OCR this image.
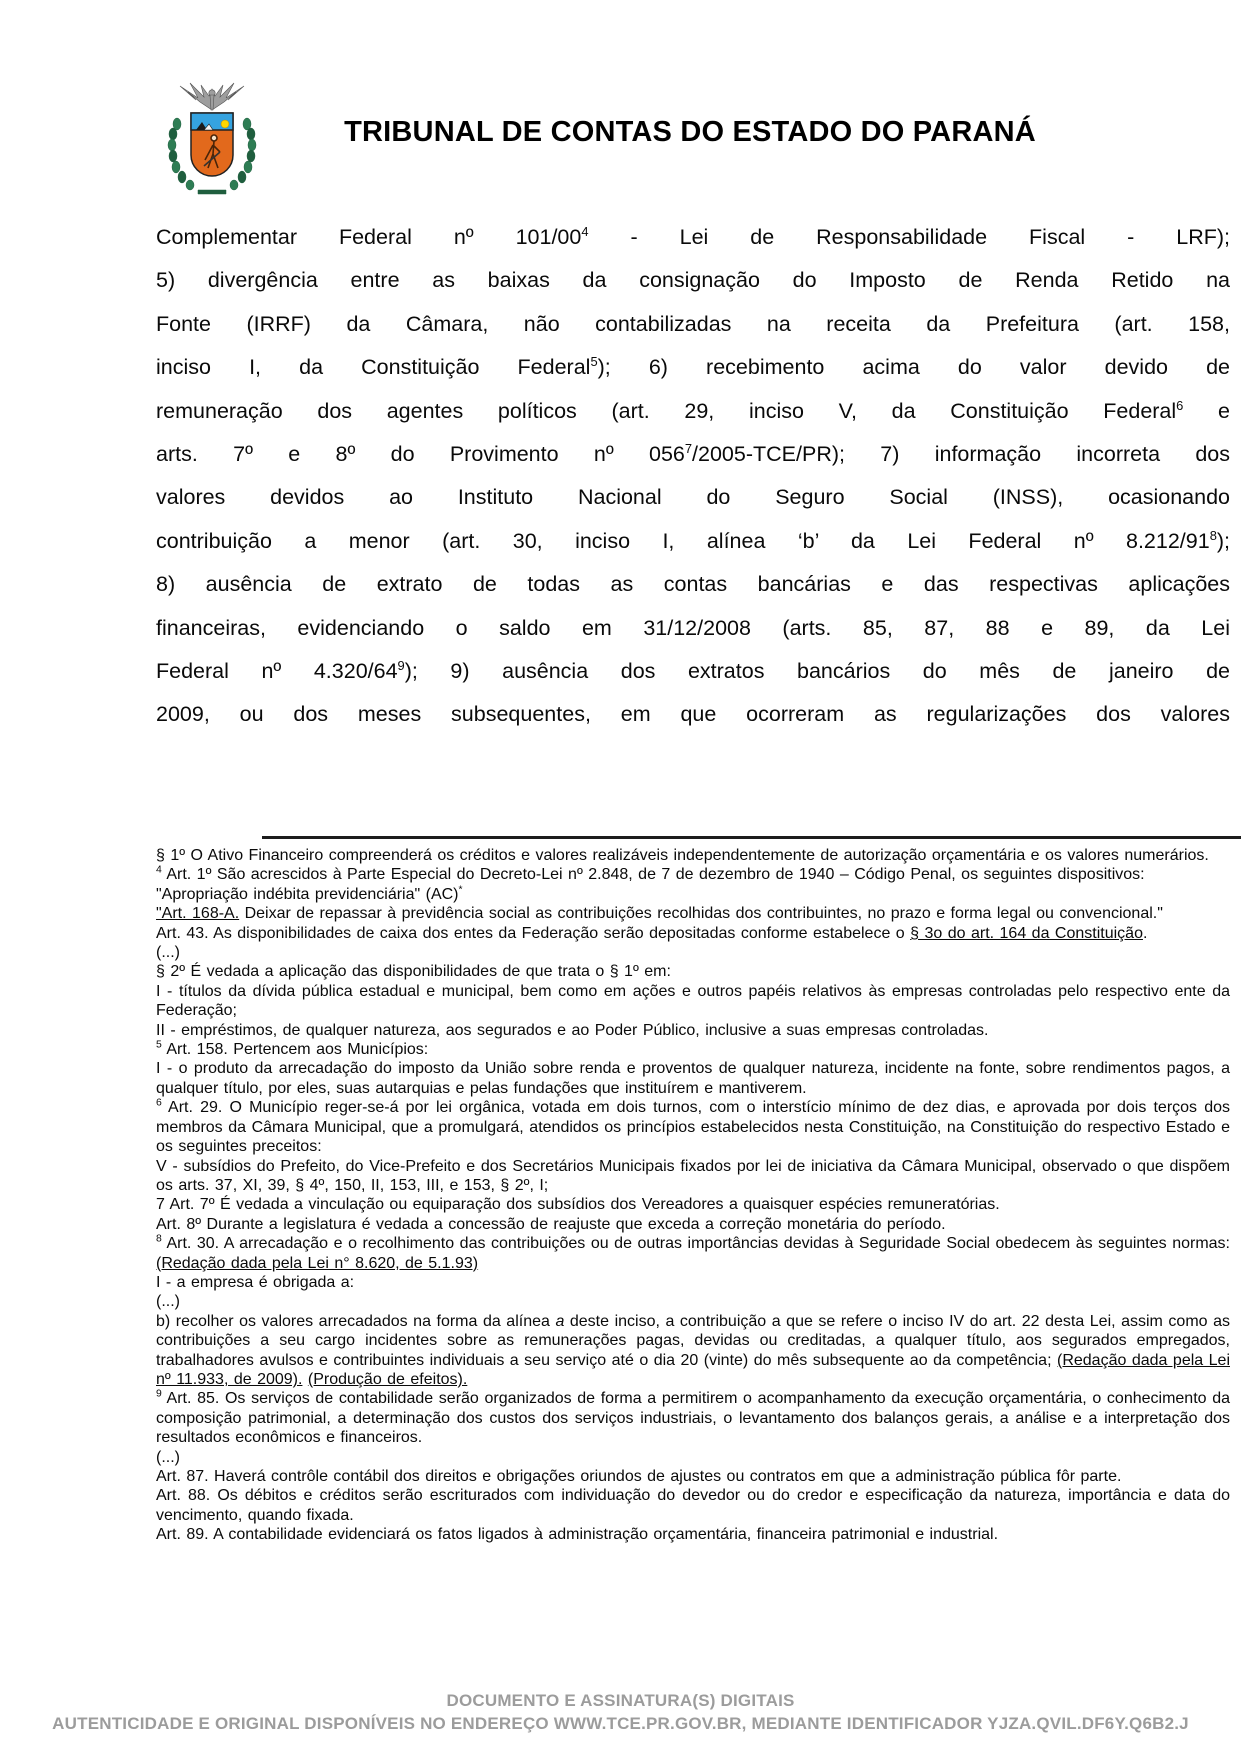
TRIBUNAL DE CONTAS DO ESTADO DO PARANÁ
Complementar Federal nº $101/00^4$ - Lei de Responsabilidade Fiscal - LRF);
5) divergência entre as baixas da consignação do Imposto de Renda Retido na
Fonte (IRRF) da Câmara, não contabilizadas na receita da Prefeitura (art. 158,
inciso I, da Constituição Federal$^5$); 6) recebimento acima do valor devido de
remuneração dos agentes políticos (art. 29, inciso V, da Constituição Federal$^6$ e
arts. 7º e 8º do Provimento nº $056^7/2005-TCE/PR$); 7) informação incorreta dos
valores devidos ao Instituto Nacional do Seguro Social (INSS), ocasionando
contribuição a menor (art. 30, inciso I, alínea ‘b’ da Lei Federal nº $8.212/91^8$);
8) ausência de extrato de todas as contas bancárias e das respectivas aplicações
financeiras, evidenciando o saldo em 31/12/2008 (arts. 85, 87, 88 e 89, da Lei
Federal nº $4.320/64^9$); 9) ausência dos extratos bancários do mês de janeiro de
2009, ou dos meses subsequentes, em que ocorreram as regularizações dos valores
§ 1º O Ativo Financeiro compreenderá os créditos e valores realizáveis independentemente de autorização orçamentária e os valores numerários.
$^4$ Art. 1º São acrescidos à Parte Especial do Decreto-Lei nº 2.848, de 7 de dezembro de 1940 – Código Penal, os seguintes dispositivos:
"Apropriação indébita previdenciária" (AC)*
"Art. 168-A. Deixar de repassar à previdência social as contribuições recolhidas dos contribuintes, no prazo e forma legal ou convencional."
Art. 43. As disponibilidades de caixa dos entes da Federação serão depositadas conforme estabelece o § 3o do art. 164 da Constituição.
(...)
§ 2º É vedada a aplicação das disponibilidades de que trata o § 1º em:
I - títulos da dívida pública estadual e municipal, bem como em ações e outros papéis relativos às empresas controladas pelo respectivo ente da Federação;
II - empréstimos, de qualquer natureza, aos segurados e ao Poder Público, inclusive a suas empresas controladas.
$^5$ Art. 158. Pertencem aos Municípios:
I - o produto da arrecadação do imposto da União sobre renda e proventos de qualquer natureza, incidente na fonte, sobre rendimentos pagos, a qualquer título, por eles, suas autarquias e pelas fundações que instituírem e mantiverem.
$^6$ Art. 29. O Município reger-se-á por lei orgânica, votada em dois turnos, com o interstício mínimo de dez dias, e aprovada por dois terços dos membros da Câmara Municipal, que a promulgará, atendidos os princípios estabelecidos nesta Constituição, na Constituição do respectivo Estado e os seguintes preceitos:
V - subsídios do Prefeito, do Vice-Prefeito e dos Secretários Municipais fixados por lei de iniciativa da Câmara Municipal, observado o que dispõem os arts. 37, XI, 39, § 4º, 150, II, 153, III, e 153, § 2º, I;
7 Art. 7º É vedada a vinculação ou equiparação dos subsídios dos Vereadores a quaisquer espécies remuneratórias.
Art. 8º Durante a legislatura é vedada a concessão de reajuste que exceda a correção monetária do período.
$^8$ Art. 30. A arrecadação e o recolhimento das contribuições ou de outras importâncias devidas à Seguridade Social obedecem às seguintes normas: (Redação dada pela Lei n° 8.620, de 5.1.93)
I - a empresa é obrigada a:
(...)
b) recolher os valores arrecadados na forma da alínea a deste inciso, a contribuição a que se refere o inciso IV do art. 22 desta Lei, assim como as contribuições a seu cargo incidentes sobre as remunerações pagas, devidas ou creditadas, a qualquer título, aos segurados empregados, trabalhadores avulsos e contribuintes individuais a seu serviço até o dia 20 (vinte) do mês subsequente ao da competência; (Redação dada pela Lei nº 11.933, de 2009). (Produção de efeitos).
$^9$ Art. 85. Os serviços de contabilidade serão organizados de forma a permitirem o acompanhamento da execução orçamentária, o conhecimento da composição patrimonial, a determinação dos custos dos serviços industriais, o levantamento dos balanços gerais, a análise e a interpretação dos resultados econômicos e financeiros.
(...)
Art. 87. Haverá contrôle contábil dos direitos e obrigações oriundos de ajustes ou contratos em que a administração pública fôr parte.
Art. 88. Os débitos e créditos serão escriturados com individuação do devedor ou do credor e especificação da natureza, importância e data do vencimento, quando fixada.
Art. 89. A contabilidade evidenciará os fatos ligados à administração orçamentária, financeira patrimonial e industrial.
DOCUMENTO E ASSINATURA(S) DIGITAIS
AUTENTICIDADE E ORIGINAL DISPONÍVEIS NO ENDEREÇO WWW.TCE.PR.GOV.BR, MEDIANTE IDENTIFICADOR YJZA.QVIL.DF6Y.Q6B2.J
